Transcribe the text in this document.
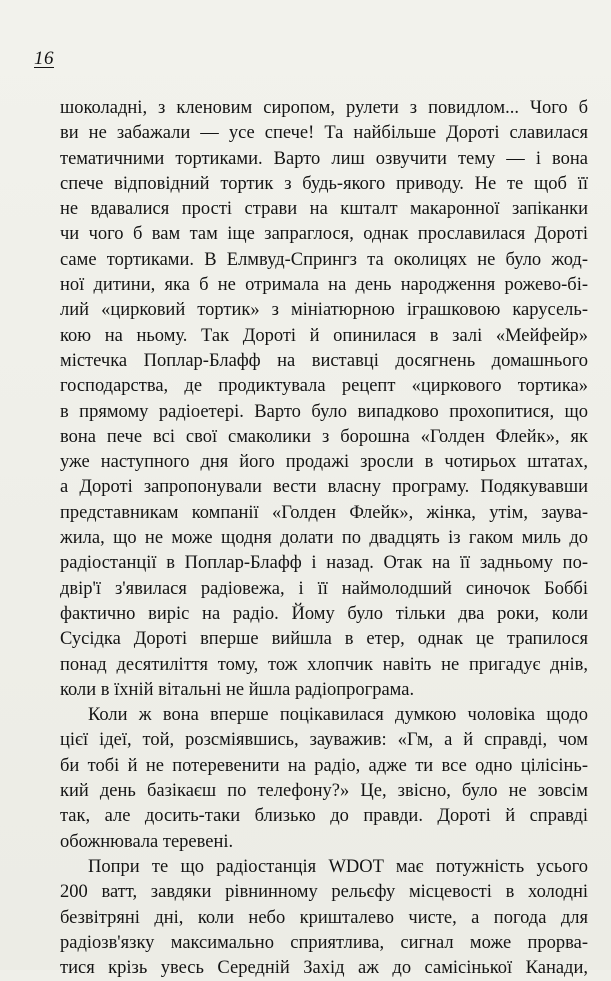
16
шоколадні, з кленовим сиропом, рулети з повидлом... Чого б
ви не забажали — усе спече! Та найбільше Дороті славилася
тематичними тортиками. Варто лиш озвучити тему — і вона
спече відповідний тортик з будь-якого приводу. Не те щоб її
не вдавалися прості страви на кшталт макаронної запіканки
чи чого б вам там іще запраглося, однак прославилася Дороті
саме тортиками. В Елмвуд-Спрингз та околицях не було жод-
ної дитини, яка б не отримала на день народження рожево-бі-
лий «цирковий тортик» з мініатюрною іграшковою карусель-
кою на ньому. Так Дороті й опинилася в залі «Мейфейр»
містечка Поплар-Блафф на виставці досягнень домашнього
господарства, де продиктувала рецепт «циркового тортика»
в прямому радіоетері. Варто було випадково прохопитися, що
вона пече всі свої смаколики з борошна «Голден Флейк», як
уже наступного дня його продажі зросли в чотирьох штатах,
а Дороті запропонували вести власну програму. Подякувавши
представникам компанії «Голден Флейк», жінка, утім, заува-
жила, що не може щодня долати по двадцять із гаком миль до
радіостанції в Поплар-Блафф і назад. Отак на її задньому по-
двір'ї з'явилася радіовежа, і її наймолодший синочок Боббі
фактично виріс на радіо. Йому було тільки два роки, коли
Сусідка Дороті вперше вийшла в етер, однак це трапилося
понад десятиліття тому, тож хлопчик навіть не пригадує днів,
коли в їхній вітальні не йшла радіопрограма.
Коли ж вона вперше поцікавилася думкою чоловіка щодо
цієї ідеї, той, розсміявшись, зауважив: «Гм, а й справді, чом
би тобі й не потеревенити на радіо, адже ти все одно цілісінь-
кий день базікаєш по телефону?» Це, звісно, було не зовсім
так, але досить-таки близько до правди. Дороті й справді
обожнювала теревені.
Попри те що радіостанція WDOT має потужність усього
200 ватт, завдяки рівнинному рельєфу місцевості в холодні
безвітряні дні, коли небо кришталево чисте, а погода для
радіозв'язку максимально сприятлива, сигнал може прорва-
тися крізь увесь Середній Захід аж до самісінької Канади,
